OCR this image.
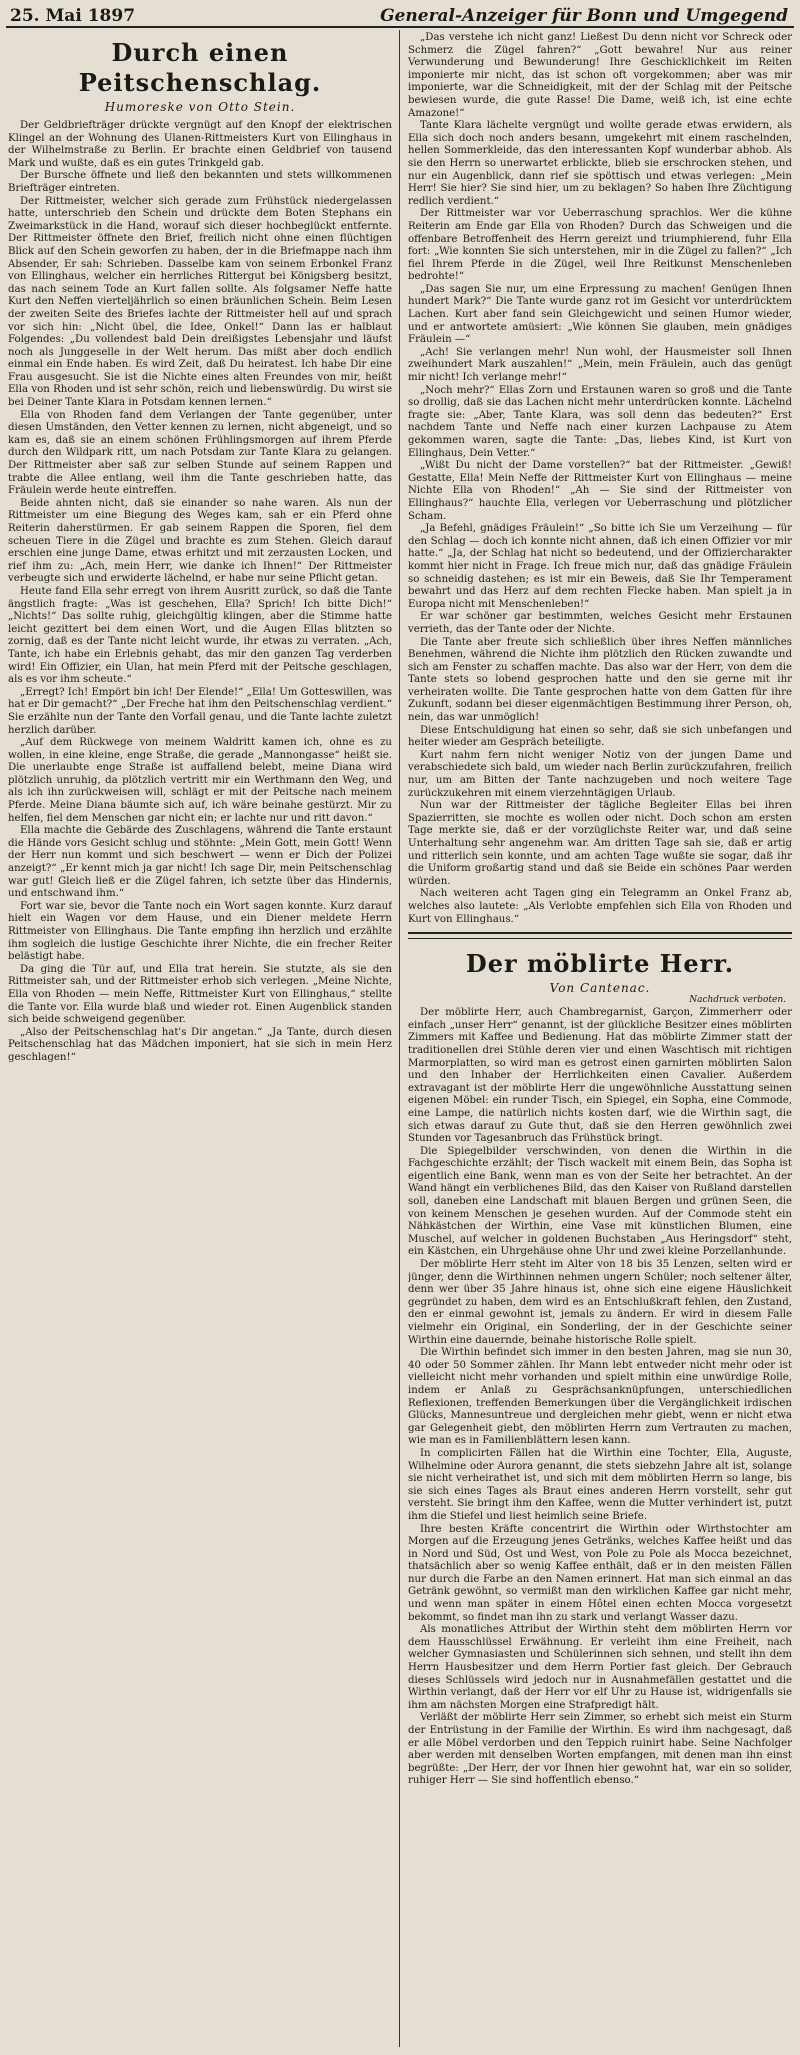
25. Mai 1897	General-Anzeiger für Bonn und Umgegend
Durch einen Peitschenschlag.
Humoreske von Otto Stein.

Der Geldbriefträger drückte vergnügt auf den Knopf der elektrischen Klingel an der Wohnung des Ulanen-Rittmeisters Kurt von Ellinghaus in der Wilhelmstraße zu Berlin. Er brachte einen Geldbrief von tausend Mark und wußte, daß es ein gutes Trinkgeld gab.

Der Bursche öffnete und ließ den bekannten und stets willkommenen Briefträger eintreten.

Der Rittmeister, welcher sich gerade zum Frühstück niedergelassen hatte, unterschrieb den Schein und drückte dem Boten Stephans ein Zweimarkstück in die Hand, worauf sich dieser hochbeglückt entfernte. Der Rittmeister öffnete den Brief, freilich nicht ohne einen flüchtigen Blick auf den Schein geworfen zu haben, der in die Briefmappe nach ihm Absender, Er sah: Schrieben. Dasselbe kam von seinem Erbonkel Franz von Ellinghaus, welcher ein herrliches Rittergut bei Königsberg besitzt, das nach seinem Tode an Kurt fallen sollte. Als folgsamer Neffe hatte Kurt den Neffen vierteljährlich so einen bräunlichen Schein. Beim Lesen der zweiten Seite des Briefes lachte der Rittmeister hell auf und sprach vor sich hin: „Nicht übel, die Idee, Onkel!“ Dann las er halblaut Folgendes: „Du vollendest bald Dein dreißigstes Lebensjahr und läufst noch als Junggeselle in der Welt herum. Das mißt aber doch endlich einmal ein Ende haben. Es wird Zeit, daß Du heiratest. Ich habe Dir eine Frau ausgesucht. Sie ist die Nichte eines alten Freundes von mir, heißt Ella von Rhoden und ist sehr schön, reich und liebenswürdig. Du wirst sie bei Deiner Tante Klara in Potsdam kennen lernen.“

Ella von Rhoden fand dem Verlangen der Tante gegenüber, unter diesen Umständen, den Vetter kennen zu lernen, nicht abgeneigt, und so kam es, daß sie an einem schönen Frühlingsmorgen auf ihrem Pferde durch den Wildpark ritt, um nach Potsdam zur Tante Klara zu gelangen. Der Rittmeister aber saß zur selben Stunde auf seinem Rappen und trabte die Allee entlang, weil ihm die Tante geschrieben hatte, das Fräulein werde heute eintreffen.

Beide ahnten nicht, daß sie einander so nahe waren. Als nun der Rittmeister um eine Biegung des Weges kam, sah er ein Pferd ohne Reiterin daherstürmen. Er gab seinem Rappen die Sporen, fiel dem scheuen Tiere in die Zügel und brachte es zum Stehen. Gleich darauf erschien eine junge Dame, etwas erhitzt und mit zerzausten Locken, und rief ihm zu: „Ach, mein Herr, wie danke ich Ihnen!“ Der Rittmeister verbeugte sich und erwiderte lächelnd, er habe nur seine Pflicht getan.

Heute fand Ella sehr erregt von ihrem Ausritt zurück, so daß die Tante ängstlich fragte: „Was ist geschehen, Ella? Sprich! Ich bitte Dich!“ „Nichts!“ Das sollte ruhig, gleichgültig klingen, aber die Stimme hatte leicht gezittert bei dem einen Wort, und die Augen Ellas blitzten so zornig, daß es der Tante nicht leicht wurde, ihr etwas zu verraten. „Ach, Tante, ich habe ein Erlebnis gehabt, das mir den ganzen Tag verderben wird! Ein Offizier, ein Ulan, hat mein Pferd mit der Peitsche geschlagen, als es vor ihm scheute.“

„Erregt? Ich! Empört bin ich! Der Elende!“ „Ella! Um Gotteswillen, was hat er Dir gemacht?“ „Der Freche hat ihm den Peitschenschlag verdient.“ Sie erzählte nun der Tante den Vorfall genau, und die Tante lachte zuletzt herzlich darüber.

„Auf dem Rückwege von meinem Waldritt kamen ich, ohne es zu wollen, in eine kleine, enge Straße, die gerade „Mannongasse“ heißt sie. Die unerlaubte enge Straße ist auffallend belebt, meine Diana wird plötzlich unruhig, da plötzlich vertritt mir ein Werthmann den Weg, und als ich ihn zurückweisen will, schlägt er mit der Peitsche nach meinem Pferde. Meine Diana bäumte sich auf, ich wäre beinahe gestürzt. Mir zu helfen, fiel dem Menschen gar nicht ein; er lachte nur und ritt davon.“

Ella machte die Gebärde des Zuschlagens, während die Tante erstaunt die Hände vors Gesicht schlug und stöhnte: „Mein Gott, mein Gott! Wenn der Herr nun kommt und sich beschwert — wenn er Dich der Polizei anzeigt?“ „Er kennt mich ja gar nicht! Ich sage Dir, mein Peitschenschlag war gut! Gleich ließ er die Zügel fahren, ich setzte über das Hindernis, und entschwand ihm.“

Fort war sie, bevor die Tante noch ein Wort sagen konnte. Kurz darauf hielt ein Wagen vor dem Hause, und ein Diener meldete Herrn Rittmeister von Ellinghaus. Die Tante empfing ihn herzlich und erzählte ihm sogleich die lustige Geschichte ihrer Nichte, die ein frecher Reiter belästigt habe.

Da ging die Tür auf, und Ella trat herein. Sie stutzte, als sie den Rittmeister sah, und der Rittmeister erhob sich verlegen. „Meine Nichte, Ella von Rhoden — mein Neffe, Rittmeister Kurt von Ellinghaus,“ stellte die Tante vor. Ella wurde blaß und wieder rot. Einen Augenblick standen sich beide schweigend gegenüber.

„Also der Peitschenschlag hat's Dir angetan.“ „Ja Tante, durch diesen Peitschenschlag hat das Mädchen imponiert, hat sie sich in mein Herz geschlagen!“

„Das verstehe ich nicht ganz! Ließest Du denn nicht vor Schreck oder Schmerz die Zügel fahren?“ „Gott bewahre! Nur aus reiner Verwunderung und Bewunderung! Ihre Geschicklichkeit im Reiten imponierte mir nicht, das ist schon oft vorgekommen; aber was mir imponierte, war die Schneidigkeit, mit der der Schlag mit der Peitsche bewiesen wurde, die gute Rasse! Die Dame, weiß ich, ist eine echte Amazone!“

Tante Klara lächelte vergnügt und wollte gerade etwas erwidern, als Ella sich doch noch anders besann, umgekehrt mit einem raschelnden, hellen Sommerkleide, das den interessanten Kopf wunderbar abhob. Als sie den Herrn so unerwartet erblickte, blieb sie erschrocken stehen, und nur ein Augenblick, dann rief sie spöttisch und etwas verlegen: „Mein Herr! Sie hier? Sie sind hier, um zu beklagen? So haben Ihre Züchtigung redlich verdient.“

Der Rittmeister war vor Ueberraschung sprachlos. Wer die kühne Reiterin am Ende gar Ella von Rhoden? Durch das Schweigen und die offenbare Betroffenheit des Herrn gereizt und triumphierend, fuhr Ella fort: „Wie konnten Sie sich unterstehen, mir in die Zügel zu fallen?“ „Ich fiel Ihrem Pferde in die Zügel, weil Ihre Reitkunst Menschenleben bedrohte!“

„Das sagen Sie nur, um eine Erpressung zu machen! Genügen Ihnen hundert Mark?“ Die Tante wurde ganz rot im Gesicht vor unterdrücktem Lachen. Kurt aber fand sein Gleichgewicht und seinen Humor wieder, und er antwortete amüsiert: „Wie können Sie glauben, mein gnädiges Fräulein —“

„Ach! Sie verlangen mehr! Nun wohl, der Hausmeister soll Ihnen zweihundert Mark auszahlen!“ „Mein, mein Fräulein, auch das genügt mir nicht! Ich verlange mehr!“

„Noch mehr?“ Ellas Zorn und Erstaunen waren so groß und die Tante so drollig, daß sie das Lachen nicht mehr unterdrücken konnte. Lächelnd fragte sie: „Aber, Tante Klara, was soll denn das bedeuten?“ Erst nachdem Tante und Neffe nach einer kurzen Lachpause zu Atem gekommen waren, sagte die Tante: „Das, liebes Kind, ist Kurt von Ellinghaus, Dein Vetter.“

„Wißt Du nicht der Dame vorstellen?“ bat der Rittmeister. „Gewiß! Gestatte, Ella! Mein Neffe der Rittmeister Kurt von Ellinghaus — meine Nichte Ella von Rhoden!“ „Ah — Sie sind der Rittmeister von Ellinghaus?“ hauchte Ella, verlegen vor Ueberraschung und plötzlicher Scham.

„Ja Befehl, gnädiges Fräulein!“ „So bitte ich Sie um Verzeihung — für den Schlag — doch ich konnte nicht ahnen, daß ich einen Offizier vor mir hatte.“ „Ja, der Schlag hat nicht so bedeutend, und der Offiziercharakter kommt hier nicht in Frage. Ich freue mich nur, daß das gnädige Fräulein so schneidig dastehen; es ist mir ein Beweis, daß Sie Ihr Temperament bewahrt und das Herz auf dem rechten Flecke haben. Man spielt ja in Europa nicht mit Menschenleben!“

Er war schöner gar bestimmten, welches Gesicht mehr Erstaunen verrieth, das der Tante oder der Nichte.

Die Tante aber freute sich schließlich über ihres Neffen männliches Benehmen, während die Nichte ihm plötzlich den Rücken zuwandte und sich am Fenster zu schaffen machte. Das also war der Herr, von dem die Tante stets so lobend gesprochen hatte und den sie gerne mit ihr verheiraten wollte. Die Tante gesprochen hatte von dem Gatten für ihre Zukunft, sodann bei dieser eigenmächtigen Bestimmung ihrer Person, oh, nein, das war unmöglich!

Diese Entschuldigung hat einen so sehr, daß sie sich unbefangen und heiter wieder am Gespräch beteiligte.

Kurt nahm fern nicht weniger Notiz von der jungen Dame und verabschiedete sich bald, um wieder nach Berlin zurückzufahren, freilich nur, um am Bitten der Tante nachzugeben und noch weitere Tage zurückzukehren mit einem vierzehntägigen Urlaub.

Nun war der Rittmeister der tägliche Begleiter Ellas bei ihren Spazierritten, sie mochte es wollen oder nicht. Doch schon am ersten Tage merkte sie, daß er der vorzüglichste Reiter war, und daß seine Unterhaltung sehr angenehm war. Am dritten Tage sah sie, daß er artig und ritterlich sein konnte, und am achten Tage wußte sie sogar, daß ihr die Uniform großartig stand und daß sie Beide ein schönes Paar werden würden.

Nach weiteren acht Tagen ging ein Telegramm an Onkel Franz ab, welches also lautete: „Als Verlobte empfehlen sich Ella von Rhoden und Kurt von Ellinghaus.“

Der möblirte Herr.
Von Cantenac.
Nachdruck verboten.

Der möblirte Herr, auch Chambregarnist, Garçon, Zimmerherr oder einfach „unser Herr“ genannt, ist der glückliche Besitzer eines möblirten Zimmers mit Kaffee und Bedienung. Hat das möblirte Zimmer statt der traditionellen drei Stühle deren vier und einen Waschtisch mit richtigen Marmorplatten, so wird man es getrost einen garnirten möblirten Salon und den Inhaber der Herrlichkeiten einen Cavalier. Außerdem extravagant ist der möblirte Herr die ungewöhnliche Ausstattung seinen eigenen Möbel: ein runder Tisch, ein Spiegel, ein Sopha, eine Commode, eine Lampe, die natürlich nichts kosten darf, wie die Wirthin sagt, die sich etwas darauf zu Gute thut, daß sie den Herren gewöhnlich zwei Stunden vor Tagesanbruch das Frühstück bringt.

Die Spiegelbilder verschwinden, von denen die Wirthin in die Fachgeschichte erzählt; der Tisch wackelt mit einem Bein, das Sopha ist eigentlich eine Bank, wenn man es von der Seite her betrachtet. An der Wand hängt ein verblichenes Bild, das den Kaiser von Rußland darstellen soll, daneben eine Landschaft mit blauen Bergen und grünen Seen, die von keinem Menschen je gesehen wurden. Auf der Commode steht ein Nähkästchen der Wirthin, eine Vase mit künstlichen Blumen, eine Muschel, auf welcher in goldenen Buchstaben „Aus Heringsdorf“ steht, ein Kästchen, ein Uhrgehäuse ohne Uhr und zwei kleine Porzellanhunde.

Der möblirte Herr steht im Alter von 18 bis 35 Lenzen, selten wird er jünger, denn die Wirthinnen nehmen ungern Schüler; noch seltener älter, denn wer über 35 Jahre hinaus ist, ohne sich eine eigene Häuslichkeit gegründet zu haben, dem wird es an Entschlußkraft fehlen, den Zustand, den er einmal gewohnt ist, jemals zu ändern. Er wird in diesem Falle vielmehr ein Original, ein Sonderling, der in der Geschichte seiner Wirthin eine dauernde, beinahe historische Rolle spielt.

Die Wirthin befindet sich immer in den besten Jahren, mag sie nun 30, 40 oder 50 Sommer zählen. Ihr Mann lebt entweder nicht mehr oder ist vielleicht nicht mehr vorhanden und spielt mithin eine unwürdige Rolle, indem er Anlaß zu Gesprächsanknüpfungen, unterschiedlichen Reflexionen, treffenden Bemerkungen über die Vergänglichkeit irdischen Glücks, Mannesuntreue und dergleichen mehr giebt, wenn er nicht etwa gar Gelegenheit giebt, den möblirten Herrn zum Vertrauten zu machen, wie man es in Familienblättern lesen kann.

In complicirten Fällen hat die Wirthin eine Tochter, Ella, Auguste, Wilhelmine oder Aurora genannt, die stets siebzehn Jahre alt ist, solange sie nicht verheirathet ist, und sich mit dem möblirten Herrn so lange, bis sie sich eines Tages als Braut eines anderen Herrn vorstellt, sehr gut versteht. Sie bringt ihm den Kaffee, wenn die Mutter verhindert ist, putzt ihm die Stiefel und liest heimlich seine Briefe.

Ihre besten Kräfte concentrirt die Wirthin oder Wirthstochter am Morgen auf die Erzeugung jenes Getränks, welches Kaffee heißt und das in Nord und Süd, Ost und West, von Pole zu Pole als Mocca bezeichnet, thatsächlich aber so wenig Kaffee enthält, daß er in den meisten Fällen nur durch die Farbe an den Namen erinnert. Hat man sich einmal an das Getränk gewöhnt, so vermißt man den wirklichen Kaffee gar nicht mehr, und wenn man später in einem Hôtel einen echten Mocca vorgesetzt bekommt, so findet man ihn zu stark und verlangt Wasser dazu.

Als monatliches Attribut der Wirthin steht dem möblirten Herrn vor dem Hausschlüssel Erwähnung. Er verleiht ihm eine Freiheit, nach welcher Gymnasiasten und Schülerinnen sich sehnen, und stellt ihn dem Herrn Hausbesitzer und dem Herrn Portier fast gleich. Der Gebrauch dieses Schlüssels wird jedoch nur in Ausnahmefällen gestattet und die Wirthin verlangt, daß der Herr vor elf Uhr zu Hause ist, widrigenfalls sie ihm am nächsten Morgen eine Strafpredigt hält.

Verläßt der möblirte Herr sein Zimmer, so erhebt sich meist ein Sturm der Entrüstung in der Familie der Wirthin. Es wird ihm nachgesagt, daß er alle Möbel verdorben und den Teppich ruinirt habe. Seine Nachfolger aber werden mit denselben Worten empfangen, mit denen man ihn einst begrüßte: „Der Herr, der vor Ihnen hier gewohnt hat, war ein so solider, ruhiger Herr — Sie sind hoffentlich ebenso.“
